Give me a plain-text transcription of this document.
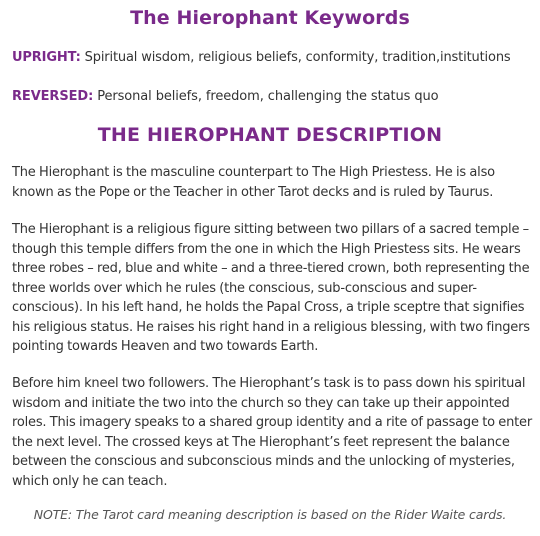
The Hierophant Keywords
UPRIGHT: Spiritual wisdom, religious beliefs, conformity, tradition,institutions
REVERSED: Personal beliefs, freedom, challenging the status quo
THE HIEROPHANT DESCRIPTION

The Hierophant is the masculine counterpart to The High Priestess. He is also known as the Pope or the Teacher in other Tarot decks and is ruled by Taurus.

The Hierophant is a religious figure sitting between two pillars of a sacred temple – though this temple differs from the one in which the High Priestess sits. He wears three robes – red, blue and white – and a three-tiered crown, both representing the three worlds over which he rules (the conscious, sub-conscious and super-conscious). In his left hand, he holds the Papal Cross, a triple sceptre that signifies his religious status. He raises his right hand in a religious blessing, with two fingers pointing towards Heaven and two towards Earth.

Before him kneel two followers. The Hierophant’s task is to pass down his spiritual wisdom and initiate the two into the church so they can take up their appointed roles. This imagery speaks to a shared group identity and a rite of passage to enter the next level. The crossed keys at The Hierophant’s feet represent the balance between the conscious and subconscious minds and the unlocking of mysteries, which only he can teach.

NOTE: The Tarot card meaning description is based on the Rider Waite cards.
